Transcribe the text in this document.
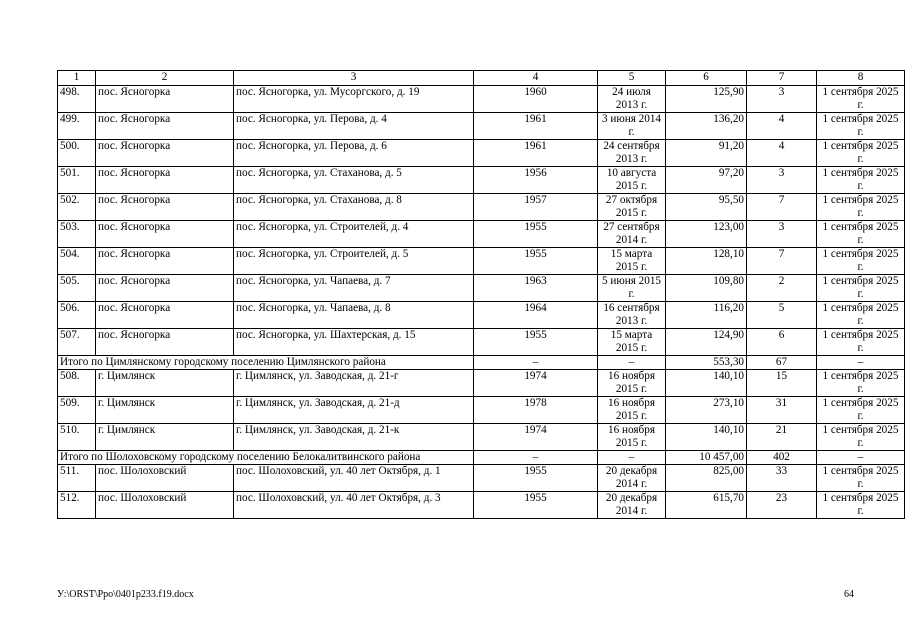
1	2	3	4	5	6	7	8
498.	пос. Ясногорка	пос. Ясногорка, ул. Мусоргского, д. 19	1960	24 июля 2013 г.	125,90	3	1 сентября 2025 г.
499.	пос. Ясногорка	пос. Ясногорка, ул. Перова, д. 4	1961	3 июня 2014 г.	136,20	4	1 сентября 2025 г.
500.	пос. Ясногорка	пос. Ясногорка, ул. Перова, д. 6	1961	24 сентября 2013 г.	91,20	4	1 сентября 2025 г.
501.	пос. Ясногорка	пос. Ясногорка, ул. Стаханова, д. 5	1956	10 августа 2015 г.	97,20	3	1 сентября 2025 г.
502.	пос. Ясногорка	пос. Ясногорка, ул. Стаханова, д. 8	1957	27 октября 2015 г.	95,50	7	1 сентября 2025 г.
503.	пос. Ясногорка	пос. Ясногорка, ул. Строителей, д. 4	1955	27 сентября 2014 г.	123,00	3	1 сентября 2025 г.
504.	пос. Ясногорка	пос. Ясногорка, ул. Строителей, д. 5	1955	15 марта 2015 г.	128,10	7	1 сентября 2025 г.
505.	пос. Ясногорка	пос. Ясногорка, ул. Чапаева, д. 7	1963	5 июня 2015 г.	109,80	2	1 сентября 2025 г.
506.	пос. Ясногорка	пос. Ясногорка, ул. Чапаева, д. 8	1964	16 сентября 2013 г.	116,20	5	1 сентября 2025 г.
507.	пос. Ясногорка	пос. Ясногорка, ул. Шахтерская, д. 15	1955	15 марта 2015 г.	124,90	6	1 сентября 2025 г.
Итого по Цимлянскому городскому поселению Цимлянского района			–	–	553,30	67	–
508.	г. Цимлянск	г. Цимлянск, ул. Заводская, д. 21-г	1974	16 ноября 2015 г.	140,10	15	1 сентября 2025 г.
509.	г. Цимлянск	г. Цимлянск, ул. Заводская, д. 21-д	1978	16 ноября 2015 г.	273,10	31	1 сентября 2025 г.
510.	г. Цимлянск	г. Цимлянск, ул. Заводская, д. 21-к	1974	16 ноября 2015 г.	140,10	21	1 сентября 2025 г.
Итого по Шолоховскому городскому поселению Белокалитвинского района			–	–	10 457,00	402	–
511.	пос. Шолоховский	пос. Шолоховский, ул. 40 лет Октября, д. 1	1955	20 декабря 2014 г.	825,00	33	1 сентября 2025 г.
512.	пос. Шолоховский	пос. Шолоховский, ул. 40 лет Октября, д. 3	1955	20 декабря 2014 г.	615,70	23	1 сентября 2025 г.
У:\ORST\Ppo\0401p233.f19.docx	64
